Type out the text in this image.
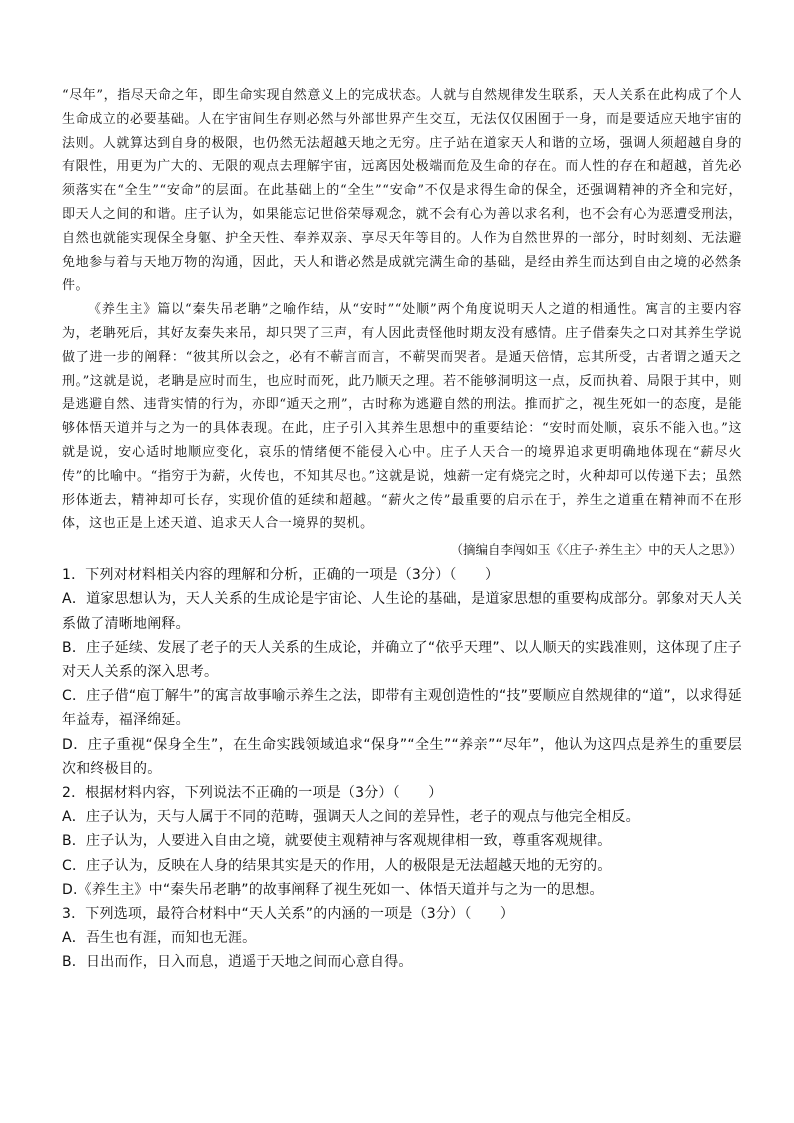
“尽年”，指尽天命之年，即生命实现自然意义上的完成状态。人就与自然规律发生联系，天人关系在此构成了个人生命成立的必要基础。人在宇宙间生存则必然与外部世界产生交互，无法仅仅困囿于一身，而是要适应天地宇宙的法则。人就算达到自身的极限，也仍然无法超越天地之无穷。庄子站在道家天人和谐的立场，强调人须超越自身的有限性，用更为广大的、无限的观点去理解宇宙，远离因处极端而危及生命的存在。而人性的存在和超越，首先必须落实在“全生”“安命”的层面。在此基础上的“全生”“安命”不仅是求得生命的保全，还强调精神的齐全和完好，即天人之间的和谐。庄子认为，如果能忘记世俗荣辱观念，就不会有心为善以求名利，也不会有心为恶遭受刑法，自然也就能实现保全身躯、护全天性、奉养双亲、享尽天年等目的。人作为自然世界的一部分，时时刻刻、无法避免地参与着与天地万物的沟通，因此，天人和谐必然是成就完满生命的基础，是经由养生而达到自由之境的必然条件。

《养生主》篇以“秦失吊老聃”之喻作结，从“安时”“处顺”两个角度说明天人之道的相通性。寓言的主要内容为，老聃死后，其好友秦失来吊，却只哭了三声，有人因此责怪他时期友没有感情。庄子借秦失之口对其养生学说做了进一步的阐释：“彼其所以会之，必有不蕲言而言，不蕲哭而哭者。是遁天倍情，忘其所受，古者谓之遁天之刑。”这就是说，老聃是应时而生，也应时而死，此乃顺天之理。若不能够洞明这一点，反而执着、局限于其中，则是逃避自然、违背实情的行为，亦即“遁天之刑”，古时称为逃避自然的刑法。推而扩之，视生死如一的态度，是能够体悟天道并与之为一的具体表现。在此，庄子引入其养生思想中的重要结论：“安时而处顺，哀乐不能入也。”这就是说，安心适时地顺应变化，哀乐的情绪便不能侵入心中。庄子人天合一的境界追求更明确地体现在“薪尽火传”的比喻中。“指穷于为薪，火传也，不知其尽也。”这就是说，烛薪一定有烧完之时，火种却可以传递下去；虽然形体逝去，精神却可长存，实现价值的延续和超越。“薪火之传”最重要的启示在于，养生之道重在精神而不在形体，这也正是上述天道、追求天人合一境界的契机。

（摘编自李闯如玉《〈庄子·养生主〉中的天人之思》）

1．下列对材料相关内容的理解和分析，正确的一项是（3分）（　　）

A．道家思想认为，天人关系的生成论是宇宙论、人生论的基础，是道家思想的重要构成部分。郭象对天人关系做了清晰地阐释。

B．庄子延续、发展了老子的天人关系的生成论，并确立了“依乎天理”、以人顺天的实践准则，这体现了庄子对天人关系的深入思考。

C．庄子借“庖丁解牛”的寓言故事喻示养生之法，即带有主观创造性的“技”要顺应自然规律的“道”，以求得延年益寿，福泽绵延。

D．庄子重视“保身全生”，在生命实践领域追求“保身”“全生”“养亲”“尽年”，他认为这四点是养生的重要层次和终极目的。

2．根据材料内容，下列说法不正确的一项是（3分）（　　）

A．庄子认为，天与人属于不同的范畴，强调天人之间的差异性，老子的观点与他完全相反。

B．庄子认为，人要进入自由之境，就要使主观精神与客观规律相一致，尊重客观规律。

C．庄子认为，反映在人身的结果其实是天的作用，人的极限是无法超越天地的无穷的。

D.《养生主》中“秦失吊老聃”的故事阐释了视生死如一、体悟天道并与之为一的思想。

3．下列选项，最符合材料中“天人关系”的内涵的一项是（3分）（　　）

A．吾生也有涯，而知也无涯。

B．日出而作，日入而息，逍遥于天地之间而心意自得。
